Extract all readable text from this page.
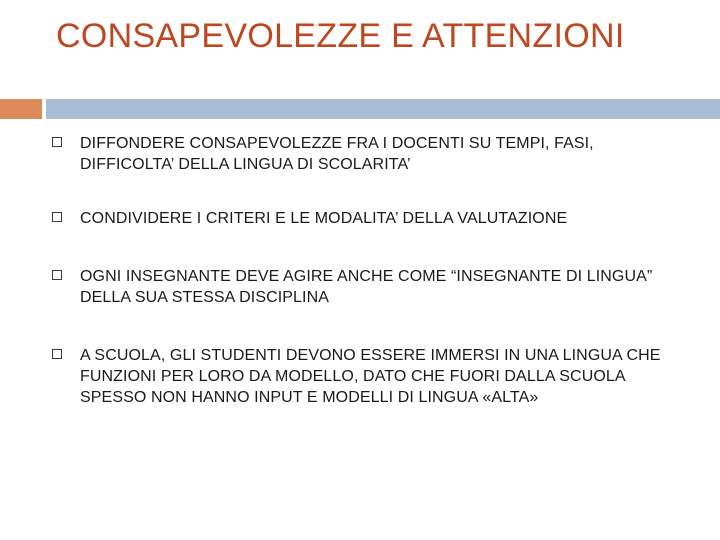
CONSAPEVOLEZZE E ATTENZIONI
DIFFONDERE CONSAPEVOLEZZE FRA I DOCENTI SU TEMPI, FASI, DIFFICOLTA’ DELLA LINGUA DI SCOLARITA’
CONDIVIDERE I CRITERI E LE MODALITA’ DELLA VALUTAZIONE
OGNI INSEGNANTE DEVE AGIRE ANCHE COME “INSEGNANTE DI LINGUA” DELLA SUA STESSA DISCIPLINA
A SCUOLA, GLI STUDENTI DEVONO ESSERE IMMERSI IN UNA LINGUA CHE FUNZIONI PER LORO DA MODELLO, DATO CHE FUORI DALLA SCUOLA SPESSO NON HANNO INPUT E MODELLI DI LINGUA «ALTA»
